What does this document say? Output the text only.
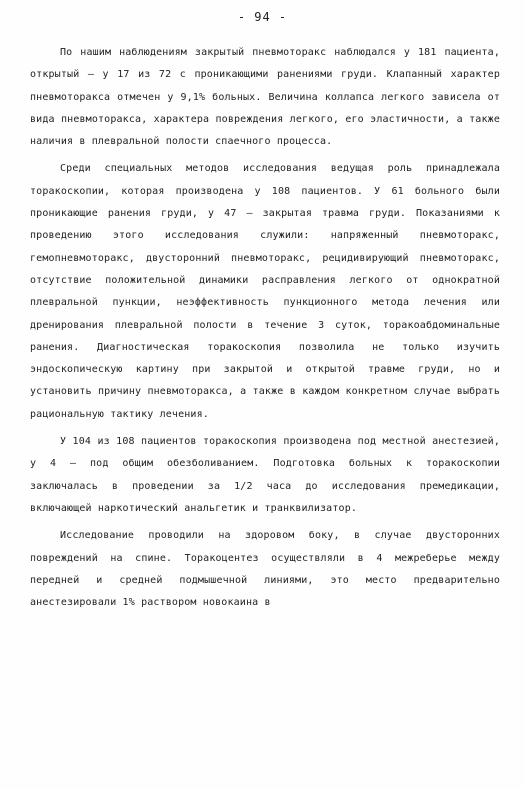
- 94 -

По нашим наблюдениям закрытый пневмоторакс наблюдался у 181 пациента, открытый – у 17 из 72 с проникающими ранениями груди. Клапанный характер пневмоторакса отмечен у 9,1% больных. Величина коллапса легкого зависела от вида пневмоторакса, характера повреждения легкого, его эластичности, а также наличия в плевральной полости спаечного процесса.

Среди специальных методов исследования ведущая роль принадлежала торакоскопии, которая производена у 108 пациентов. У 61 больного были проникающие ранения груди, у 47 – закрытая травма груди. Показаниями к проведению этого исследования служили: напряженный пневмоторакс, гемопневмоторакс, двусторонний пневмоторакс, рецидивирующий пневмоторакс, отсутствие положительной динамики расправления легкого от однократной плевральной пункции, неэффективность пункционного метода лечения или дренирования плевральной полости в течение 3 суток, торакоабдоминальные ранения. Диагностическая торакоскопия позволила не только изучить эндоскопическую картину при закрытой и открытой травме груди, но и установить причину пневмоторакса, а также в каждом конкретном случае выбрать рациональную тактику лечения.

У 104 из 108 пациентов торакоскопия производена под местной анестезией, у 4 – под общим обезболиванием. Подготовка больных к торакоскопии заключалась в проведении за 1/2 часа до исследования премедикации, включающей наркотический анальгетик и транквилизатор.

Исследование проводили на здоровом боку, в случае двусторонних повреждений на спине. Торакоцентез осуществляли в 4 межреберье между передней и средней подмышечной линиями, это место предварительно анестезировали 1% раствором новокаина в
